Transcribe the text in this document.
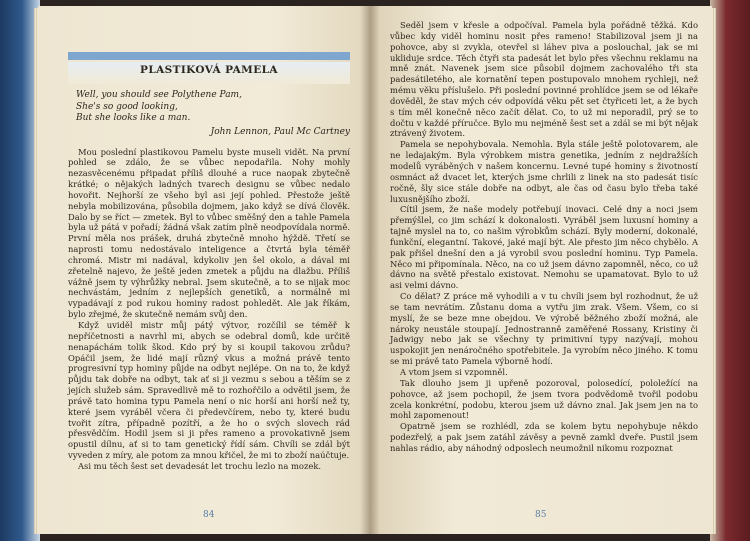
PLASTIKOVÁ PAMELA
Well, you should see Polythene Pam,
She's so good looking,
But she looks like a man.
John Lennon, Paul Mc Cartney

Mou poslední plastikovou Pamelu byste museli vidět. Na první pohled se zdálo, že se vůbec nepodařila. Nohy mohly nezasvěcenému připadat příliš dlouhé a ruce naopak zbytečně krátké; o nějakých ladných tvarech designu se vůbec nedalo hovořit. Nejhorší ze všeho byl asi její pohled. Přestože ještě nebyla mobilizována, působila dojmem, jako když se dívá člověk. Dalo by se říct — zmetek. Byl to vůbec směšný den a tahle Pamela byla už pátá v pořadí; žádná však zatím plně neodpovídala normě. První měla nos prášek, druhá zbytečně mnoho hýždě. Třetí se naprosti tomu nedostávalo inteligence a čtvrtá byla téměř chromá. Mistr mi nadával, kdykoliv jen šel okolo, a dával mi zřetelně najevo, že ještě jeden zmetek a půjdu na dlažbu. Příliš vážně jsem ty výhrůžky nebral. Jsem skutečně, a to se nijak moc nechvástám, jedním z nejlepších genetiků, a normálně mi vypadávají z pod rukou hominy radost pohledět. Ale jak říkám, bylo zřejmé, že skutečně nemám svůj den.

Když uviděl mistr můj pátý výtvor, rozčílil se téměř k nepříčetnosti a navrhl mi, abych se odebral domů, kde určitě nenapáchám tolik škod. Kdo prý by si koupil takovou zrůdu? Opáčil jsem, že lidé mají různý vkus a možná právě tento progresivní typ hominy půjde na odbyt nejlépe. On na to, že když půjdu tak dobře na odbyt, tak ať si ji vezmu s sebou a těším se z jejích služeb sám. Spravedlivě mě to rozhořčilo a odvětil jsem, že právě tato homina typu Pamela není o nic horší ani horší než ty, které jsem vyráběl včera či předevčírem, nebo ty, které budu tvořit zítra, případně pozítří, a že ho o svých slovech rád přesvědčím. Hodil jsem si ji přes rameno a provokativně jsem opustil dílnu, ať si to tam genetický řídí sám. Chvíli se zdál být vyveden z míry, ale potom za mnou křičel, že mi to zboží naúčtuje.

Asi mu těch šest set devadesát let trochu lezlo na mozek.

84

Seděl jsem v křesle a odpočíval. Pamela byla pořádně těžká. Kdo vůbec kdy viděl hominu nosit přes rameno! Stabilizoval jsem ji na pohovce, aby si zvykla, otevřel si láhev piva a poslouchal, jak se mi ukliduje srdce. Těch čtyři sta padesát let bylo přes všechnu reklamu na mně znát. Navenek jsem sice působil dojmem zachovalého tři sta padesátiletého, ale kornatění tepen postupovalo mnohem rychleji, než mému věku příslušelo. Při poslední povinné prohlídce jsem se od lékaře dověděl, že stav mých cév odpovídá věku pět set čtyřiceti let, a že bych s tím měl konečně něco začít dělat. Co, to už mi neporadil, prý se to dočtu v každé příručce. Bylo mu nejméně šest set a zdál se mi být nějak ztrávený životem.

Pamela se nepohybovala. Nemohla. Byla stále ještě polotovarem, ale ne ledajakým. Byla výrobkem mistra genetika, jedním z nejdražších modelů vyráběných v našem koncernu. Levné tupé hominy s životností osmnáct až dvacet let, kterých jsme chrlili z linek na sto padesát tisíc ročně, šly sice stále dobře na odbyt, ale čas od času bylo třeba také luxusnějšího zboží.

Cítil jsem, že naše modely potřebují inovaci. Celé dny a noci jsem přemýšlel, co jim schází k dokonalosti. Vyráběl jsem luxusní hominy a tajně myslel na to, co našim výrobkům schází. Byly moderní, dokonalé, funkční, elegantní. Takové, jaké mají být. Ale přesto jim něco chybělo. A pak přišel dnešní den a já vyrobil svou poslední hominu. Typ Pamela. Něco mi připomínala. Něco, na co už jsem dávno zapomněl, něco, co už dávno na světě přestalo existovat. Nemohu se upamatovat. Bylo to už asi velmi dávno.

Co dělat? Z práce mě vyhodili a v tu chvíli jsem byl rozhodnut, že už se tam nevrátím. Zůstanu doma a vytřu jim zrak. Všem. Všem, co si myslí, že se beze mne obejdou. Ve výrobě běžného zboží možná, ale nároky neustále stoupají. Jednostranně zaměřené Rossany, Kristiny či Jadwigy nebo jak se všechny ty primitivní typy nazývají, mohou uspokojit jen nenáročného spotřebitele. Ja vyrobím něco jiného. K tomu se mi právě tato Pamela výborně hodí.

A vtom jsem si vzpomněl.

Tak dlouho jsem ji upřeně pozoroval, polosedící, pololežící na pohovce, až jsem pochopil, že jsem tvorа podvědomě tvořil podobu zcela konkrétní, podobu, kterou jsem už dávno znal. Jak jsem jen na to mohl zapomenout!

Opatrně jsem se rozhlédl, zda se kolem bytu nepohybuje někdo podezřelý, a pak jsem zatáhl závěsy a pevně zamkl dveře. Pustil jsem nahlas rádio, aby náhodný odposlech neumožnil nikomu rozpoznat

85
